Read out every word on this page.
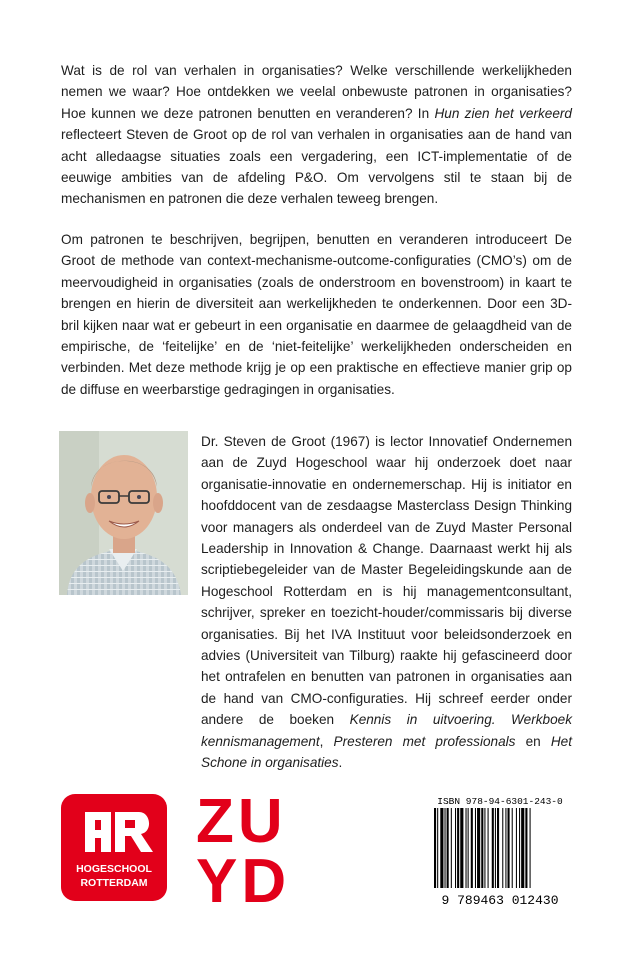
Wat is de rol van verhalen in organisaties? Welke verschillende werkelijkheden nemen we waar? Hoe ontdekken we veelal onbewuste patronen in organisaties? Hoe kunnen we deze patronen benutten en veranderen? In Hun zien het verkeerd reflecteert Steven de Groot op de rol van verhalen in organisaties aan de hand van acht alledaagse situaties zoals een vergadering, een ICT-implementatie of de eeuwige ambities van de afdeling P&O. Om vervolgens stil te staan bij de mechanismen en patronen die deze verhalen teweeg brengen.

Om patronen te beschrijven, begrijpen, benutten en veranderen introduceert De Groot de methode van context-mechanisme-outcome-configuraties (CMO’s) om de meervoudigheid in organisaties (zoals de onderstroom en bovenstroom) in kaart te brengen en hierin de diversiteit aan werkelijkheden te onderkennen. Door een 3D-bril kijken naar wat er gebeurt in een organisatie en daarmee de gelaagdheid van de empirische, de ‘feitelijke’ en de ‘niet-feitelijke’ werkelijkheden onderscheiden en verbinden. Met deze methode krijg je op een praktische en effectieve manier grip op de diffuse en weerbarstige gedragingen in organisaties.

Dr. Steven de Groot (1967) is lector Innovatief Ondernemen aan de Zuyd Hogeschool waar hij onderzoek doet naar organisatie-innovatie en ondernemerschap. Hij is initiator en hoofddocent van de zesdaagse Masterclass Design Thinking voor managers als onderdeel van de Zuyd Master Personal Leadership in Innovation & Change. Daarnaast werkt hij als scriptiebegeleider van de Master Begeleidingskunde aan de Hogeschool Rotterdam en is hij managementconsultant, schrijver, spreker en toezicht-houder/commissaris bij diverse organisaties. Bij het IVA Instituut voor beleidsonderzoek en advies (Universiteit van Tilburg) raakte hij gefascineerd door het ontrafelen en benutten van patronen in organisaties aan de hand van CMO-configuraties. Hij schreef eerder onder andere de boeken Kennis in uitvoering. Werkboek kennismanagement, Presteren met professionals en Het Schone in organisaties.

HOGESCHOOL
ROTTERDAM
ZU
YD
ISBN 978-94-6301-243-0
9 789463 012430
